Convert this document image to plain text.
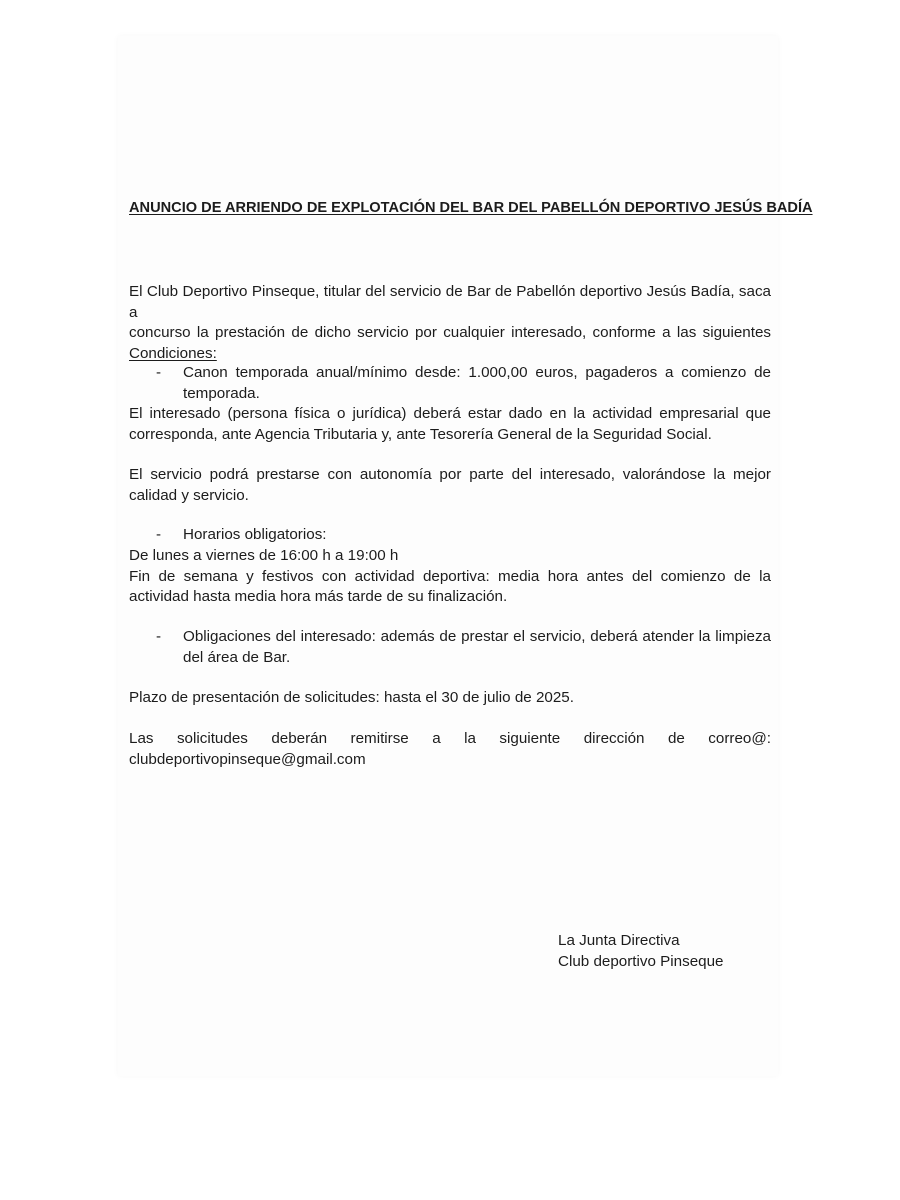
ANUNCIO DE ARRIENDO DE EXPLOTACIÓN DEL BAR DEL PABELLÓN DEPORTIVO JESÚS BADÍA
El Club Deportivo Pinseque, titular del servicio de Bar de Pabellón deportivo Jesús Badía, saca a
concurso la prestación de dicho servicio por cualquier interesado, conforme a las siguientes
Condiciones:
- Canon temporada anual/mínimo desde: 1.000,00 euros, pagaderos a comienzo de
temporada.
El interesado (persona física o jurídica) deberá estar dado en la actividad empresarial que
corresponda, ante Agencia Tributaria y, ante Tesorería General de la Seguridad Social.
El servicio podrá prestarse con autonomía por parte del interesado, valorándose la mejor
calidad y servicio.
- Horarios obligatorios:
De lunes a viernes de 16:00 h a 19:00 h
Fin de semana y festivos con actividad deportiva: media hora antes del comienzo de la
actividad hasta media hora más tarde de su finalización.
- Obligaciones del interesado: además de prestar el servicio, deberá atender la limpieza
del área de Bar.
Plazo de presentación de solicitudes: hasta el 30 de julio de 2025.
Las solicitudes deberán remitirse a la siguiente dirección de correo@:
clubdeportivopinseque@gmail.com
La Junta Directiva
Club deportivo Pinseque
